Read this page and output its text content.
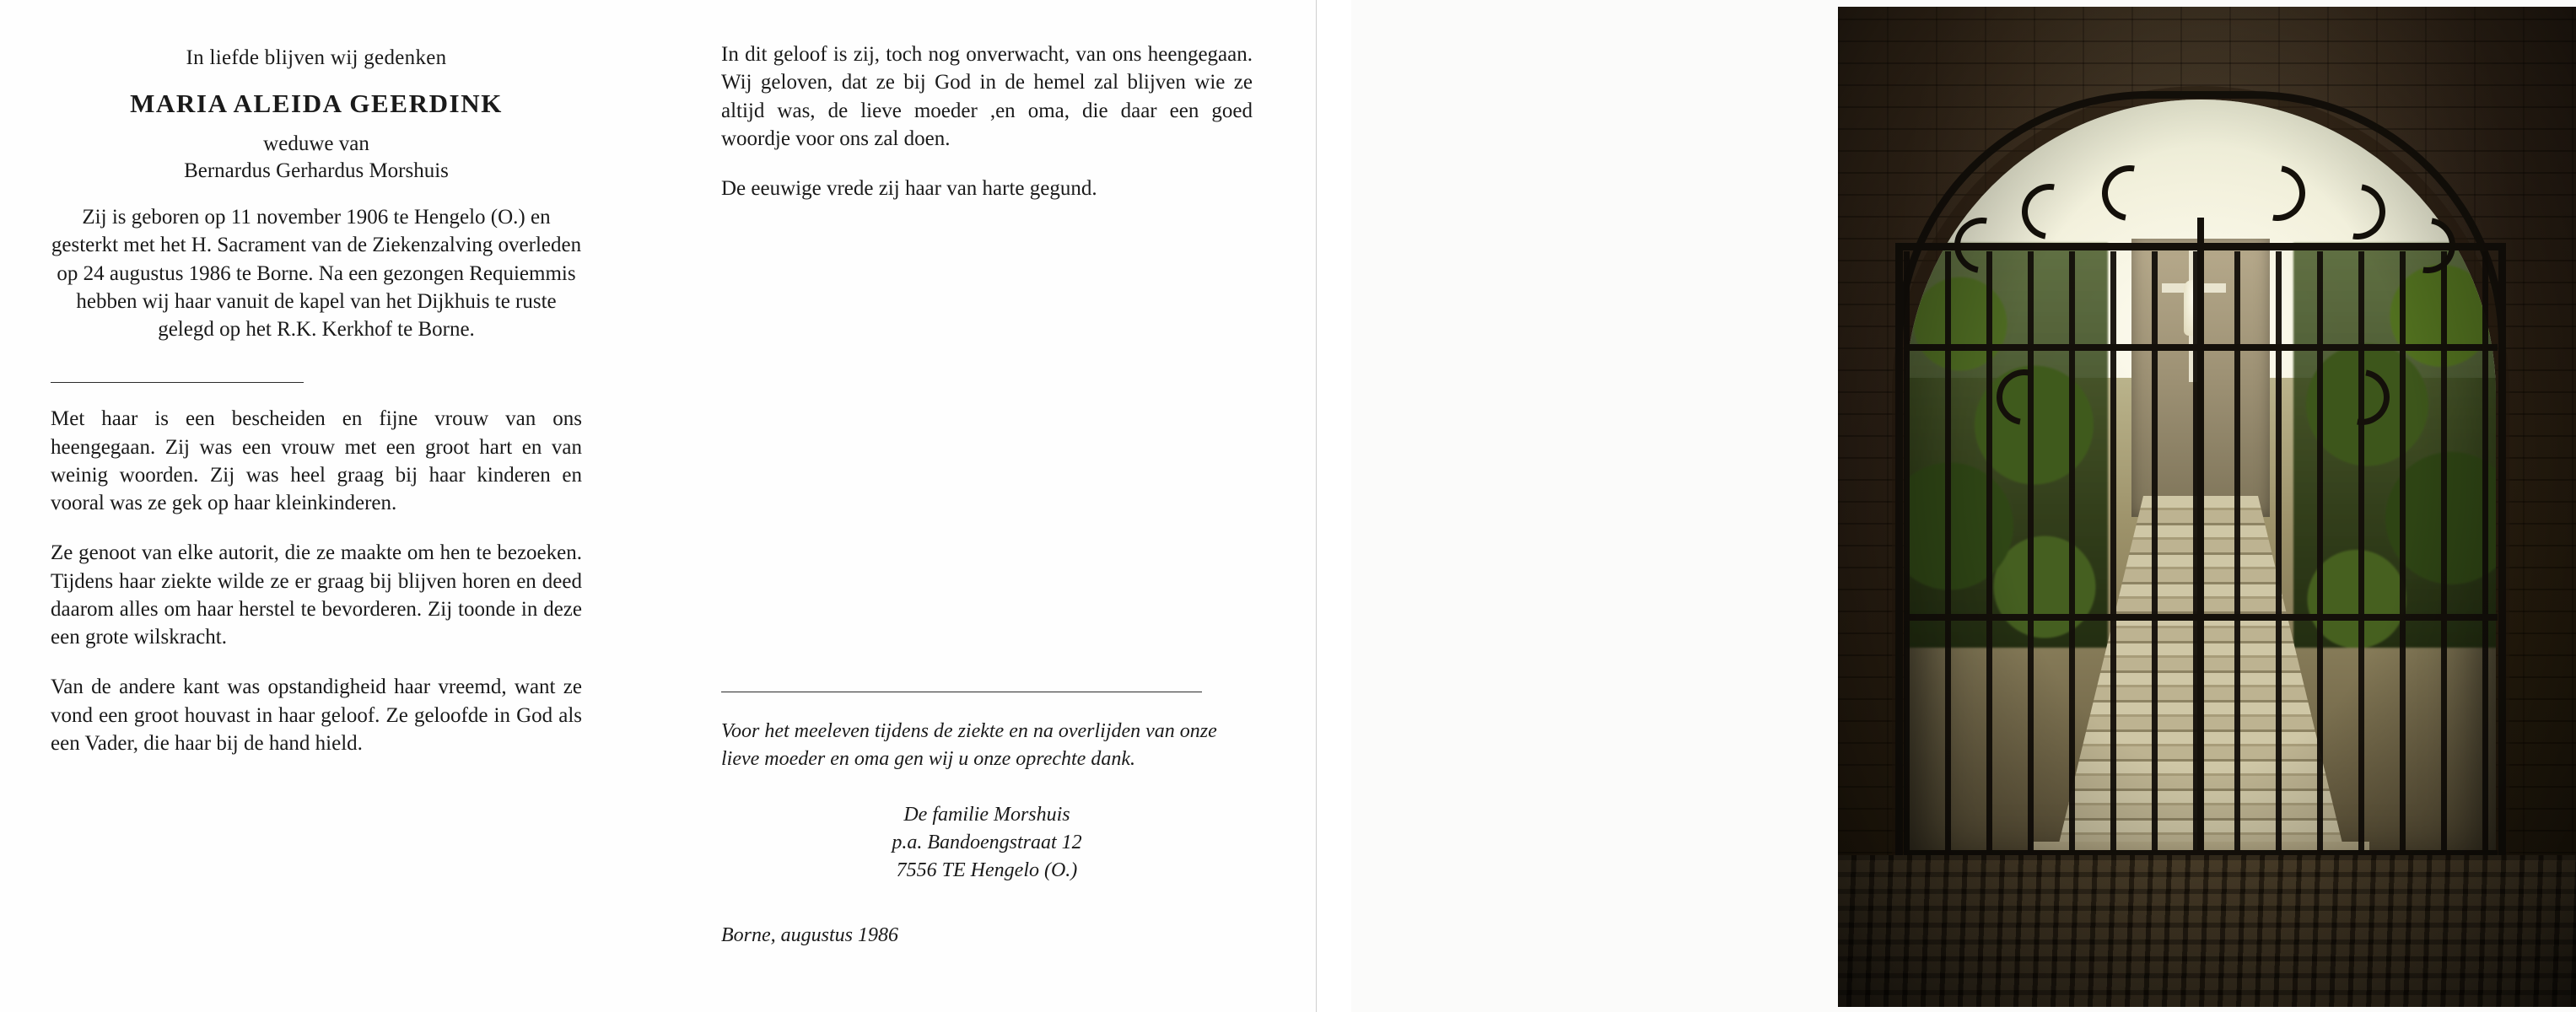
In liefde blijven wij gedenken
MARIA ALEIDA GEERDINK
weduwe van
Bernardus Gerhardus Morshuis
Zij is geboren op 11 november 1906 te Hengelo (O.) en gesterkt met het H. Sacrament van de Ziekenzalving overleden op 24 augustus 1986 te Borne. Na een gezongen Requiemmis hebben wij haar vanuit de kapel van het Dijkhuis te ruste gelegd op het R.K. Kerkhof te Borne.
Met haar is een bescheiden en fijne vrouw van ons heengegaan. Zij was een vrouw met een groot hart en van weinig woorden. Zij was heel graag bij haar kinderen en vooral was ze gek op haar kleinkinderen.
Ze genoot van elke autorit, die ze maakte om hen te bezoeken. Tijdens haar ziekte wilde ze er graag bij blijven horen en deed daarom alles om haar herstel te bevorderen. Zij toonde in deze een grote wilskracht.
Van de andere kant was opstandigheid haar vreemd, want ze vond een groot houvast in haar geloof. Ze geloofde in God als een Vader, die haar bij de hand hield.
In dit geloof is zij, toch nog onverwacht, van ons heengegaan. Wij geloven, dat ze bij God in de hemel zal blijven wie ze altijd was, de lieve moeder ,en oma, die daar een goed woordje voor ons zal doen.
De eeuwige vrede zij haar van harte gegund.
Voor het meeleven tijdens de ziekte en na overlijden van onze lieve moeder en oma gen wij u onze oprechte dank.
De familie Morshuis
p.a. Bandoengstraat 12
7556 TE Hengelo (O.)
Borne, augustus 1986
